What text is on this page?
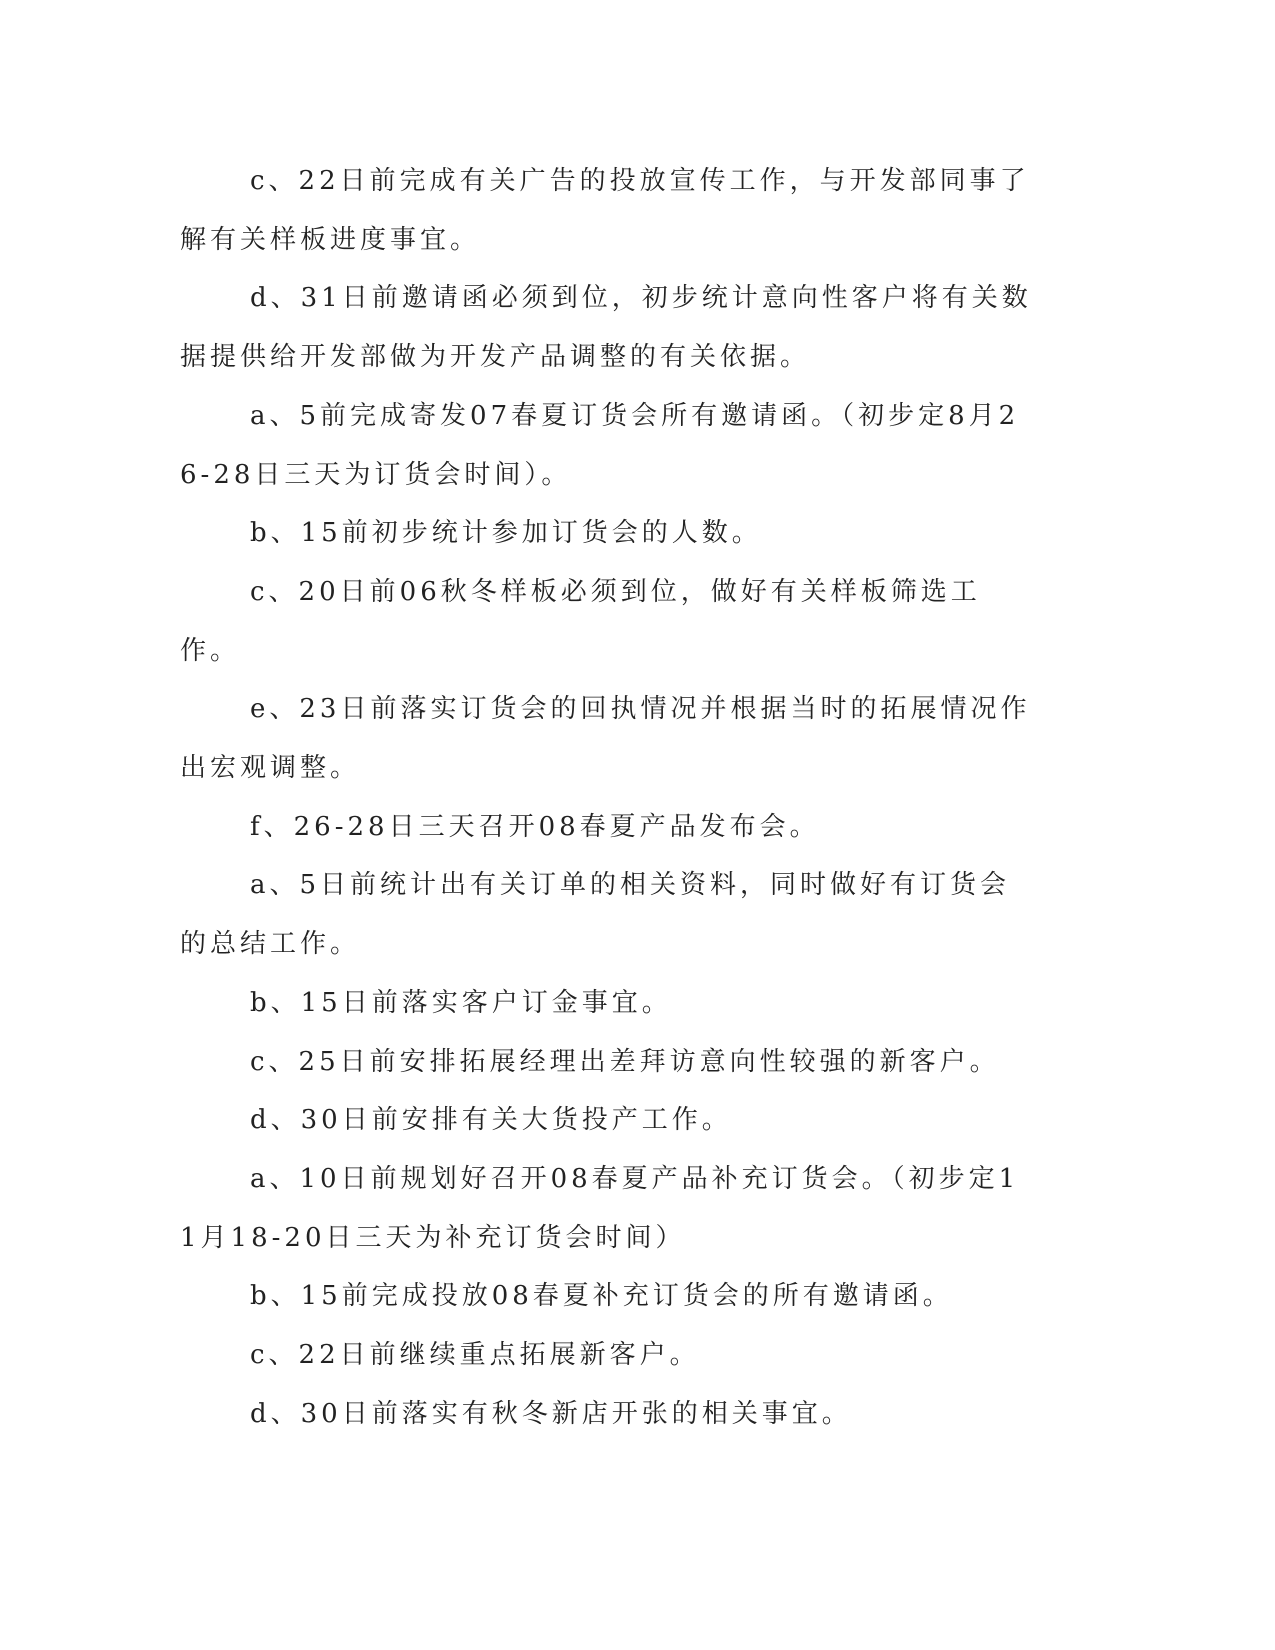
c、22日前完成有关广告的投放宣传工作，与开发部同事了解有关样板进度事宜。

d、31日前邀请函必须到位，初步统计意向性客户将有关数据提供给开发部做为开发产品调整的有关依据。

a、5前完成寄发07春夏订货会所有邀请函。（初步定8月26-28日三天为订货会时间）。

b、15前初步统计参加订货会的人数。

c、20日前06秋冬样板必须到位，做好有关样板筛选工作。

e、23日前落实订货会的回执情况并根据当时的拓展情况作出宏观调整。

f、26-28日三天召开08春夏产品发布会。

a、5日前统计出有关订单的相关资料，同时做好有订货会的总结工作。

b、15日前落实客户订金事宜。

c、25日前安排拓展经理出差拜访意向性较强的新客户。

d、30日前安排有关大货投产工作。

a、10日前规划好召开08春夏产品补充订货会。（初步定11月18-20日三天为补充订货会时间）

b、15前完成投放08春夏补充订货会的所有邀请函。

c、22日前继续重点拓展新客户。

d、30日前落实有秋冬新店开张的相关事宜。
